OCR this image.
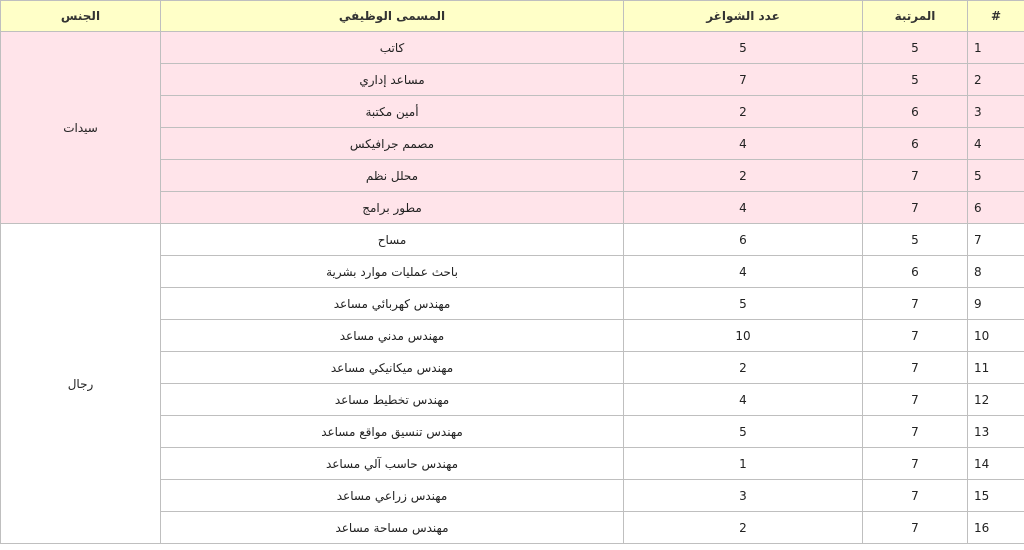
#	المرتبة	عدد الشواغر	المسمى الوظيفي	الجنس
1	5	5	كاتب	سيدات
2	5	7	مساعد إداري	
3	6	2	أمين مكتبة	
4	6	4	مصمم جرافيكس	
5	7	2	محلل نظم	
6	7	4	مطور برامج	
7	5	6	مساح	رجال
8	6	4	باحث عمليات موارد بشرية	
9	7	5	مهندس كهربائي مساعد	
10	7	10	مهندس مدني مساعد	
11	7	2	مهندس ميكانيكي مساعد	
12	7	4	مهندس تخطيط مساعد	
13	7	5	مهندس تنسيق مواقع مساعد	
14	7	1	مهندس حاسب آلي مساعد	
15	7	3	مهندس زراعي مساعد	
16	7	2	مهندس مساحة مساعد	
